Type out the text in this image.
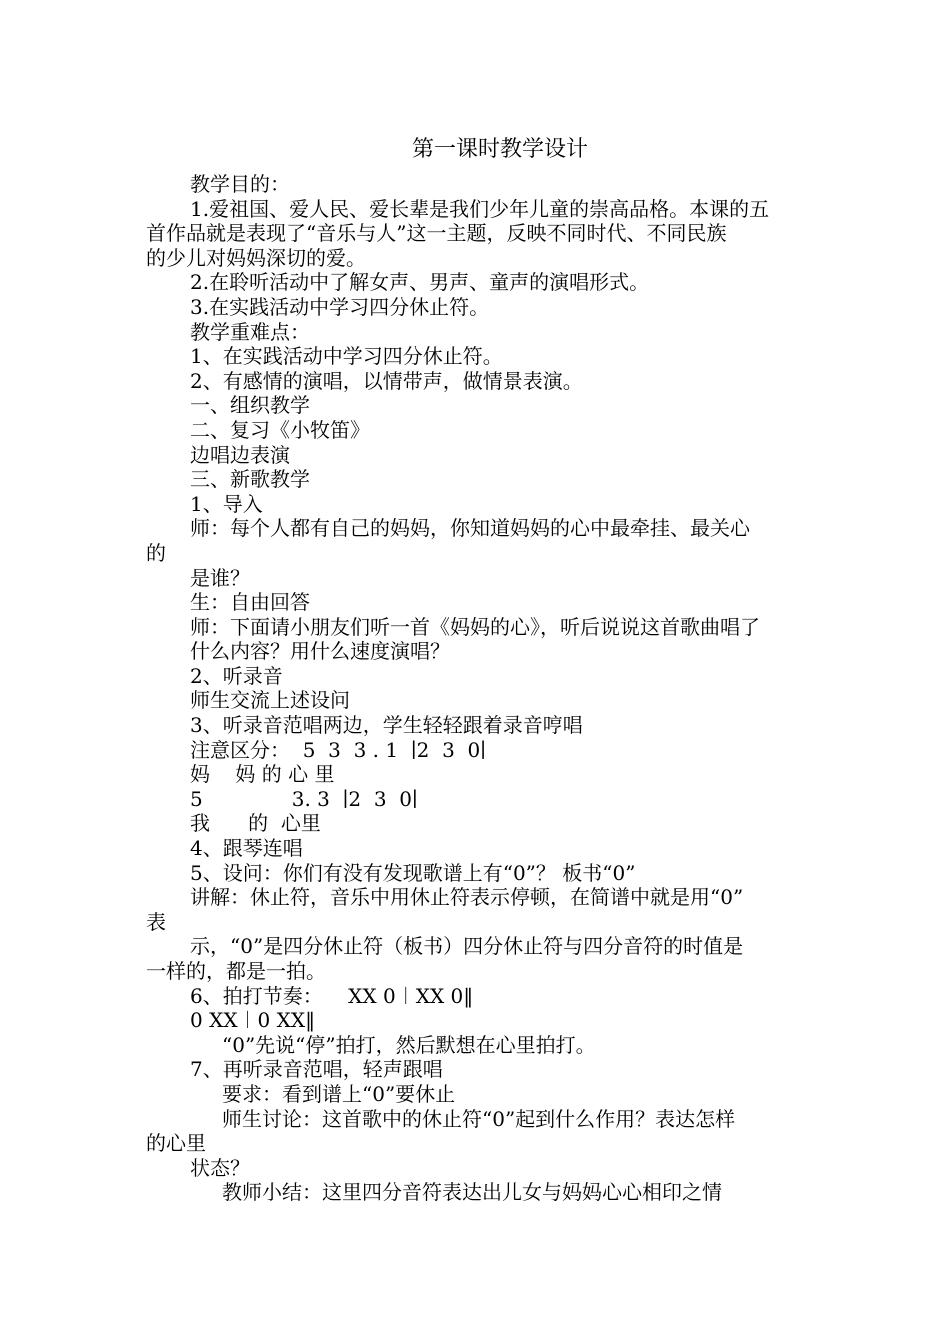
第一课时教学设计
教学目的：
1.爱祖国、爱人民、爱长辈是我们少年儿童的崇高品格。本课的五
首作品就是表现了“音乐与人”这一主题，反映不同时代、不同民族
的少儿对妈妈深切的爱。
2.在聆听活动中了解女声、男声、童声的演唱形式。
3.在实践活动中学习四分休止符。
教学重难点：
1、在实践活动中学习四分休止符。
2、有感情的演唱，以情带声，做情景表演。
一、组织教学
二、复习《小牧笛》
边唱边表演
三、新歌教学
1、导入
师：每个人都有自己的妈妈，你知道妈妈的心中最牵挂、最关心
的
是谁？
生：自由回答
师：下面请小朋友们听一首《妈妈的心》，听后说说这首歌曲唱了
什么内容？用什么速度演唱？
2、听录音
师生交流上述设问
3、听录音范唱两边，学生轻轻跟着录音哼唱
注意区分：  5  3  3 . 1  ∣2  3  0∣
妈    妈 的 心 里
5              3. 3  ∣2  3  0∣
我      的  心里
4、跟琴连唱
5、设问：你们有没有发现歌谱上有“0”？ 板书“0”
讲解：休止符，音乐中用休止符表示停顿，在简谱中就是用“0”
表
示，“0”是四分休止符（板书）四分休止符与四分音符的时值是
一样的，都是一拍。
6、拍打节奏：    XX 0︱XX 0‖
0 XX︱0 XX‖
“0”先说“停”拍打，然后默想在心里拍打。
7、再听录音范唱，轻声跟唱
要求：看到谱上“0”要休止
师生讨论：这首歌中的休止符“0”起到什么作用？表达怎样
的心里
状态？
教师小结：这里四分音符表达出儿女与妈妈心心相印之情
